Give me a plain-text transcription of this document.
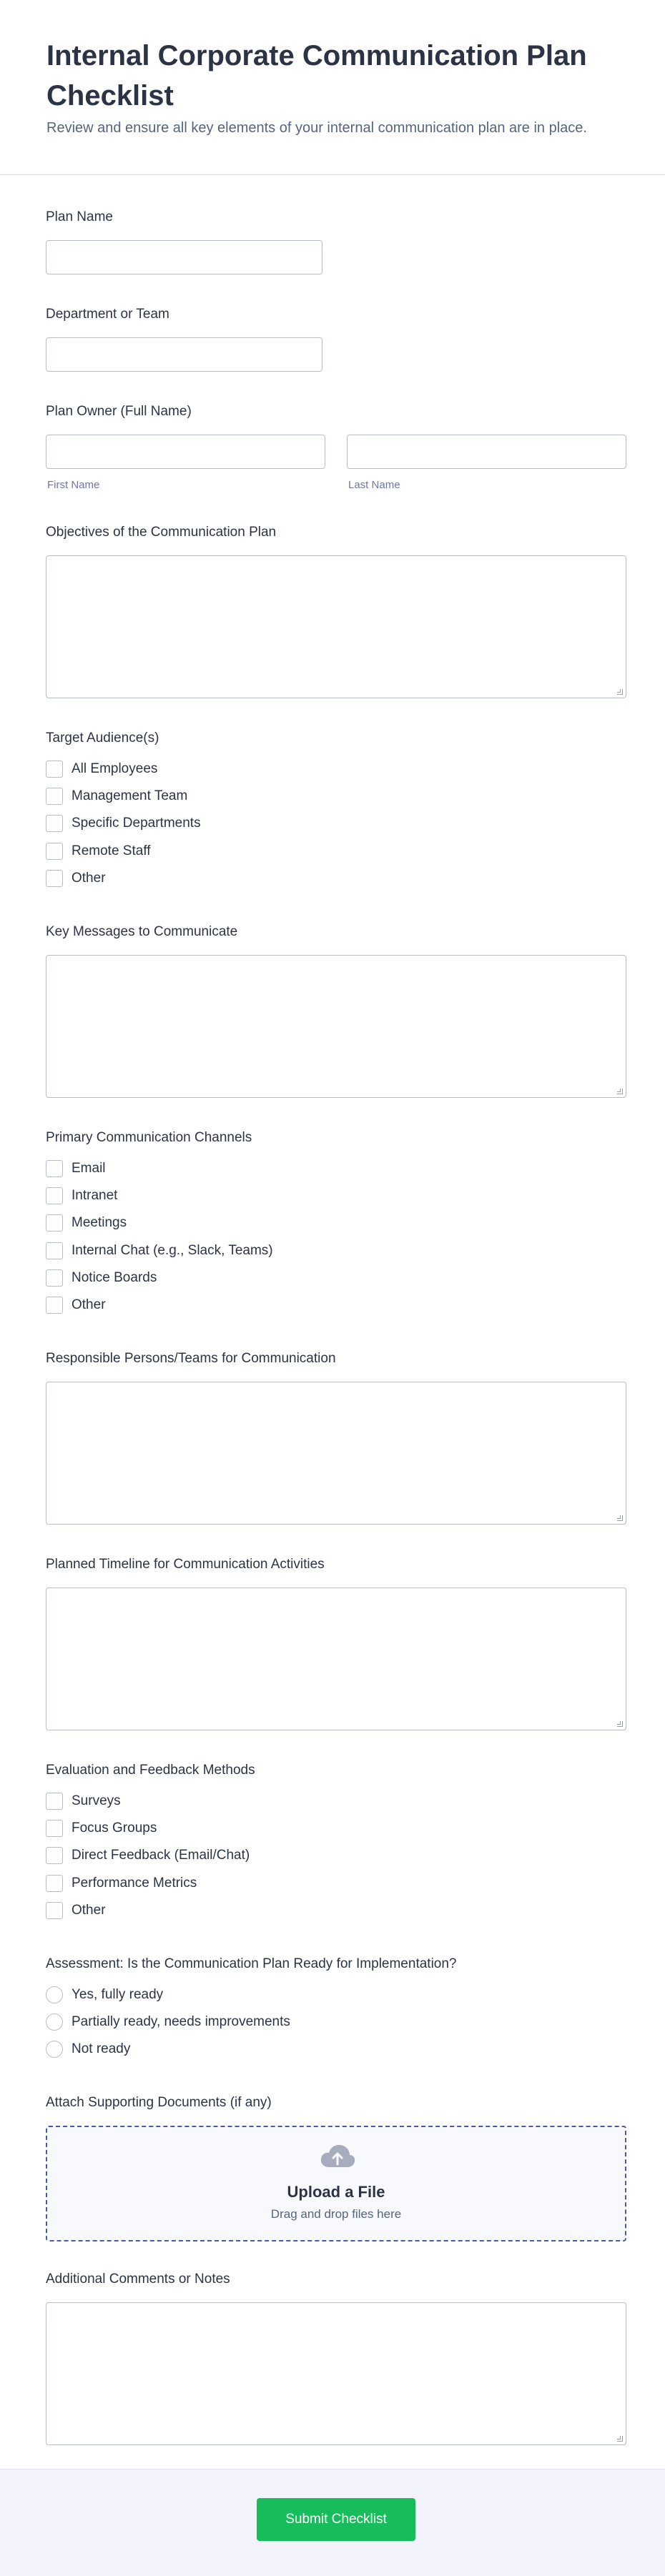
Internal Corporate Communication Plan Checklist

Review and ensure all key elements of your internal communication plan are in place.

Plan Name
Department or Team
Plan Owner (Full Name)
First Name	Last Name
Objectives of the Communication Plan
Target Audience(s)
All Employees
Management Team
Specific Departments
Remote Staff
Other
Key Messages to Communicate
Primary Communication Channels
Email
Intranet
Meetings
Internal Chat (e.g., Slack, Teams)
Notice Boards
Other
Responsible Persons/Teams for Communication
Planned Timeline for Communication Activities
Evaluation and Feedback Methods
Surveys
Focus Groups
Direct Feedback (Email/Chat)
Performance Metrics
Other
Assessment: Is the Communication Plan Ready for Implementation?
Yes, fully ready
Partially ready, needs improvements
Not ready
Attach Supporting Documents (if any)
Upload a File
Drag and drop files here
Additional Comments or Notes
Submit Checklist
